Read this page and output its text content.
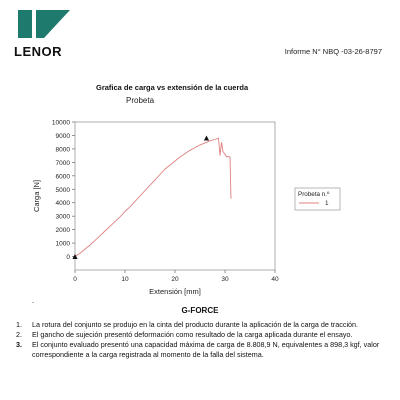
LENOR	Informe N° NBQ -03-26-8797
Grafica de carga vs extensión de la cuerda
Probeta
0
1000
2000
3000
4000
5000
6000
7000
8000
9000
10000
0	10	20	30	40
Extensión [mm]
Carga [N]	Probeta n.º
1
.
G-FORCE
1. La rotura del conjunto se produjo en la cinta del producto durante la aplicación de la carga de tracción.
2. El gancho de sujeción presentó deformación como resultado de la carga aplicada durante el ensayo.
3. El conjunto evaluado presentó una capacidad máxima de carga de 8.808,9 N, equivalentes a 898,3 kgf, valor correspondiente a la carga registrada al momento de la falla del sistema.
